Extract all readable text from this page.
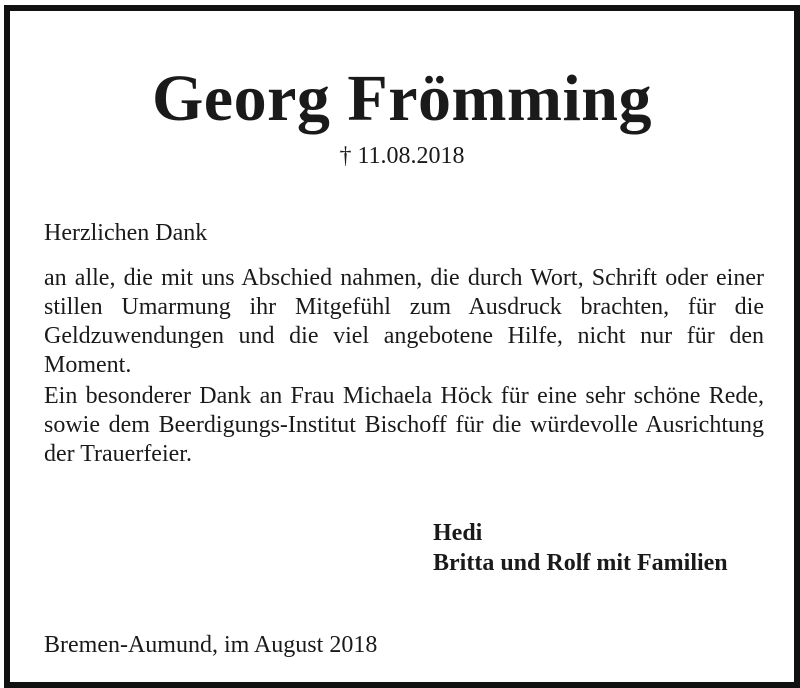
Georg Frömming
† 11.08.2018
Herzlichen Dank
an alle, die mit uns Abschied nahmen, die durch Wort, Schrift oder einer stillen Umarmung ihr Mitgefühl zum Ausdruck brachten, für die Geldzuwendungen und die viel angebotene Hilfe, nicht nur für den Moment.
Ein besonderer Dank an Frau Michaela Höck für eine sehr schöne Rede, sowie dem Beerdigungs-Institut Bischoff für die würdevolle Ausrichtung der Trauerfeier.
Hedi
Britta und Rolf mit Familien
Bremen-Aumund, im August 2018
